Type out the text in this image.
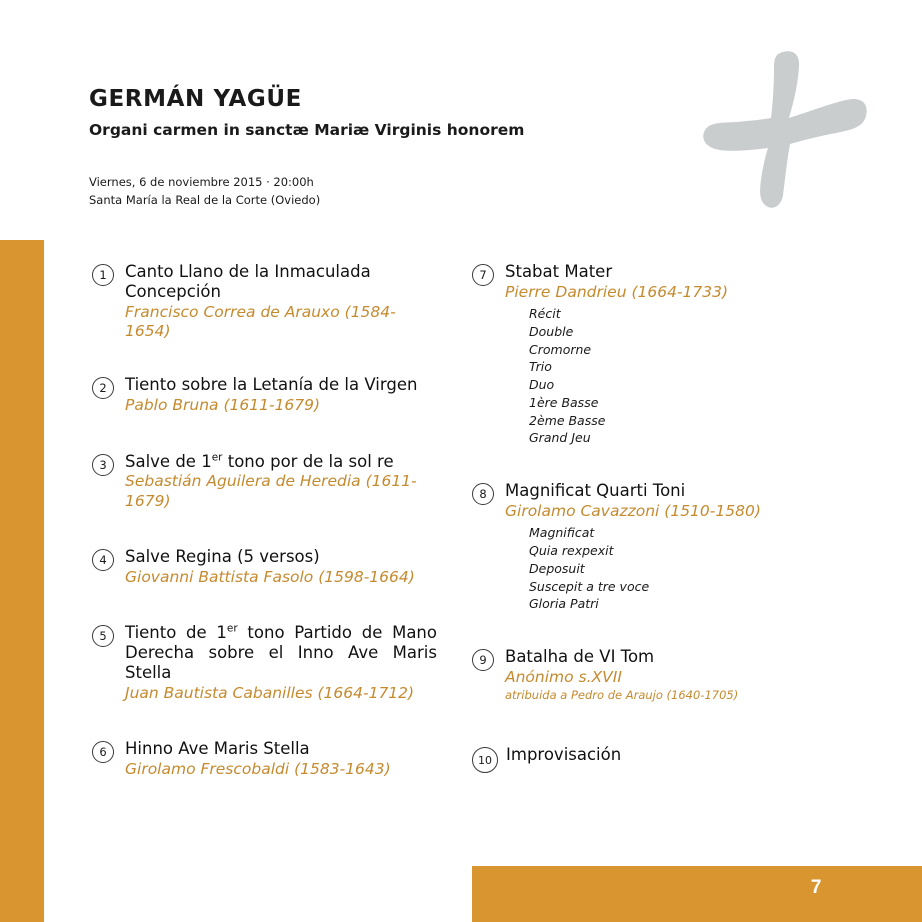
7
GERMÁN YAGÜE

Organi carmen in sanctæ Mariæ Virginis honorem

Viernes, 6 de noviembre 2015 · 20:00h
Santa María la Real de la Corte (Oviedo)
1	Canto Llano de la Inmaculada Concepción
Francisco Correa de Arauxo (1584-1654)
2	Tiento sobre la Letanía de la Virgen
Pablo Bruna (1611-1679)
3	Salve de 1er tono por de la sol re
Sebastián Aguilera de Heredia (1611-1679)
4	Salve Regina (5 versos)
Giovanni Battista Fasolo (1598-1664)
5	Tiento de 1er tono Partido de Mano Derecha sobre el Inno Ave Maris Stella
Juan Bautista Cabanilles (1664-1712)
6	Hinno Ave Maris Stella
Girolamo Frescobaldi (1583-1643)
7	Stabat Mater
Pierre Dandrieu (1664-1733)
Récit
Double
Cromorne
Trio
Duo
1ère Basse
2ème Basse
Grand Jeu
8	Magnificat Quarti Toni
Girolamo Cavazzoni (1510-1580)
Magnificat
Quia rexpexit
Deposuit
Suscepit a tre voce
Gloria Patri
9	Batalha de VI Tom
Anónimo s.XVII
atribuida a Pedro de Araujo (1640-1705)
10 Improvisación
